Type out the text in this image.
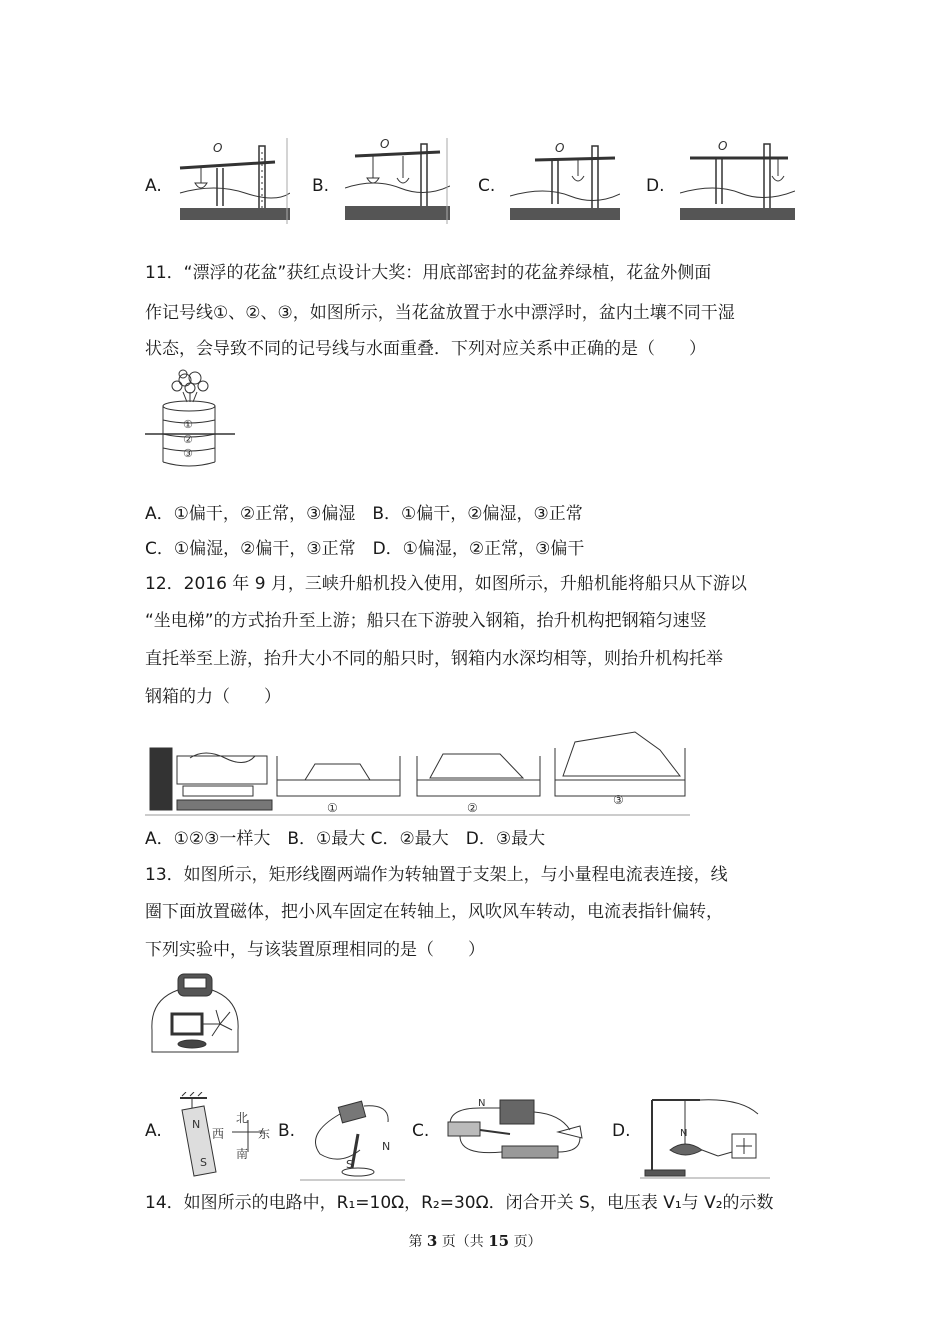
A.
O
B.
O
C.
O
D.
O
11．“漂浮的花盆”获红点设计大奖：用底部密封的花盆养绿植，花盆外侧面
作记号线①、②、③，如图所示，当花盆放置于水中漂浮时，盆内土壤不同干湿
状态，会导致不同的记号线与水面重叠．下列对应关系中正确的是（　　）
①
②
③
A．①偏干，②正常，③偏湿　B．①偏干，②偏湿，③正常
C．①偏湿，②偏干，③正常　D．①偏湿，②正常，③偏干
12．2016 年 9 月，三峡升船机投入使用，如图所示，升船机能将船只从下游以
“坐电梯”的方式抬升至上游；船只在下游驶入钢箱，抬升机构把钢箱匀速竖
直托举至上游，抬升大小不同的船只时，钢箱内水深均相等，则抬升机构托举
钢箱的力（　　）
①	②
③
A．①②③一样大　B．①最大 C．②最大　D．③最大
13．如图所示，矩形线圈两端作为转轴置于支架上，与小量程电流表连接，线
圈下面放置磁体，把小风车固定在转轴上，风吹风车转动，电流表指针偏转，
下列实验中，与该装置原理相同的是（　　）
A.	N
S
北
西	东
南
B.
S
N
C.
N
D.	N
14．如图所示的电路中，R₁=10Ω，R₂=30Ω．闭合开关 S，电压表 V₁与 V₂的示数
第 3 页（共 15 页）
